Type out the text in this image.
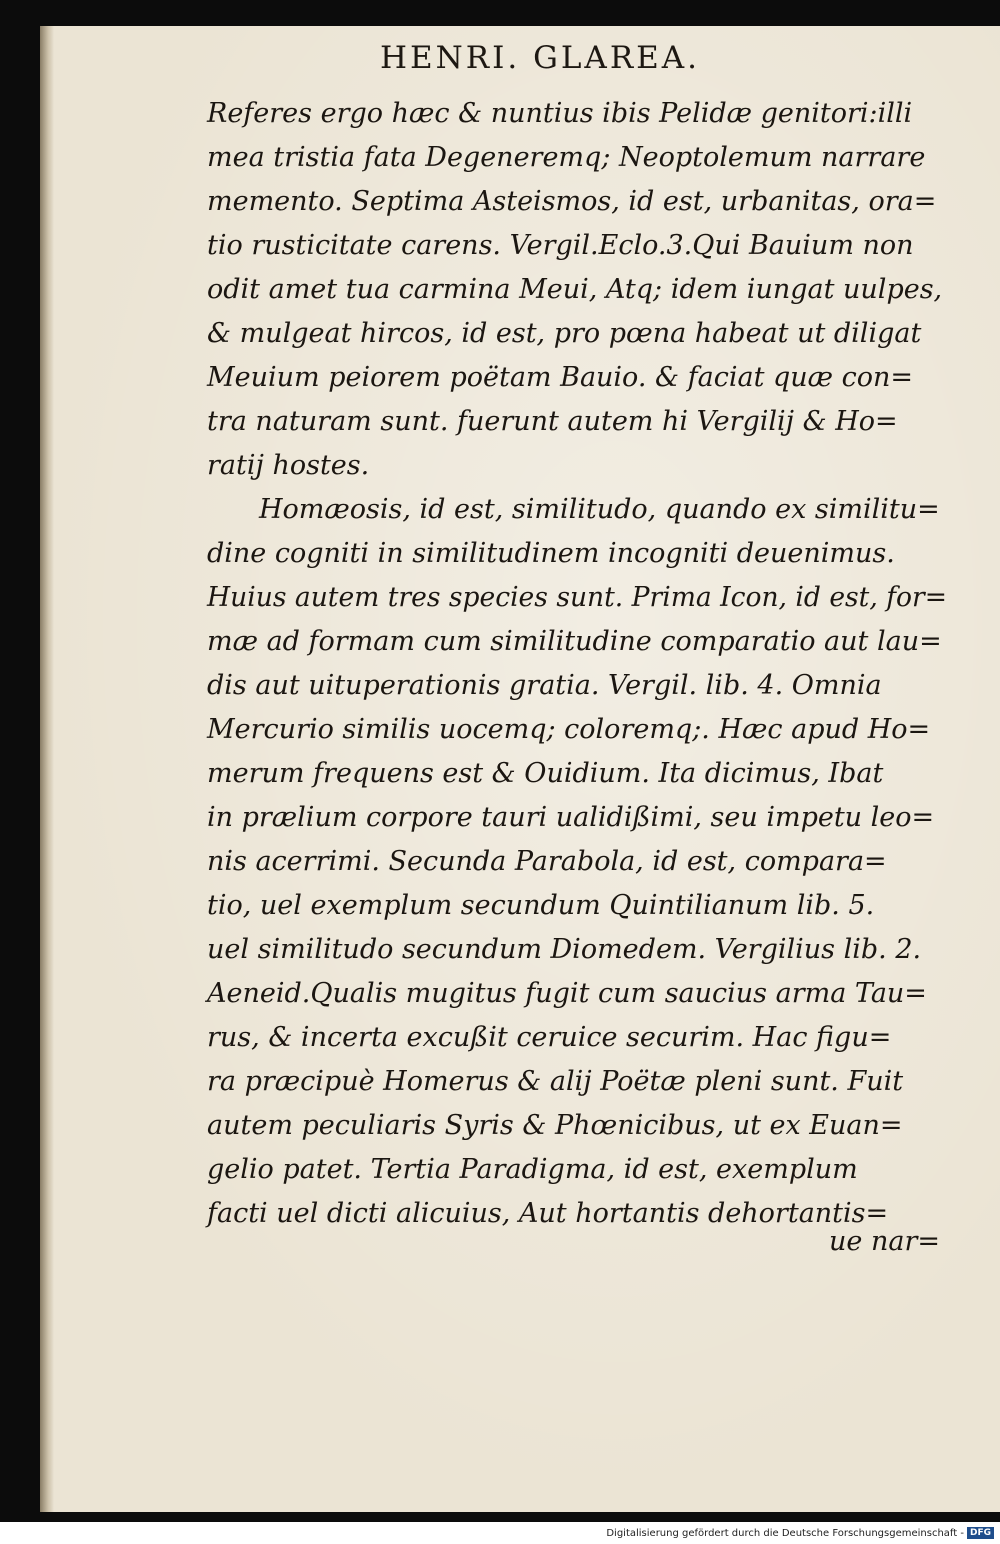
HENRI. GLAREA.
Referes ergo hæc & nuntius ibis Pelidæ genitori:illi
mea tristia fata Degeneremq; Neoptolemum narrare
memento. Septima Asteismos, id est, urbanitas, ora=
tio rusticitate carens. Vergil.Eclo.3.Qui Bauium non
odit amet tua carmina Meui, Atq; idem iungat uulpes,
& mulgeat hircos, id est, pro pœna habeat ut diligat
Meuium peiorem poëtam Bauio. & faciat quæ con=
tra naturam sunt. fuerunt autem hi Vergilij & Ho=
ratij hostes.
Homæosis, id est, similitudo, quando ex similitu=
dine cogniti in similitudinem incogniti deuenimus.
Huius autem tres species sunt. Prima Icon, id est, for=
mæ ad formam cum similitudine comparatio aut lau=
dis aut uituperationis gratia. Vergil. lib. 4. Omnia
Mercurio similis uocemq; coloremq;. Hæc apud Ho=
merum frequens est & Ouidium. Ita dicimus, Ibat
in prælium corpore tauri ualidißimi, seu impetu leo=
nis acerrimi. Secunda Parabola, id est, compara=
tio, uel exemplum secundum Quintilianum lib. 5.
uel similitudo secundum Diomedem. Vergilius lib. 2.
Aeneid.Qualis mugitus fugit cum saucius arma Tau=
rus, & incerta excußit ceruice securim. Hac figu=
ra præcipuè Homerus & alij Poëtæ pleni sunt. Fuit
autem peculiaris Syris & Phœnicibus, ut ex Euan=
gelio patet. Tertia Paradigma, id est, exemplum
facti uel dicti alicuius, Aut hortantis dehortantis=
ue nar=
Digitalisierung gefördert durch die Deutsche Forschungsgemeinschaft - DFG
